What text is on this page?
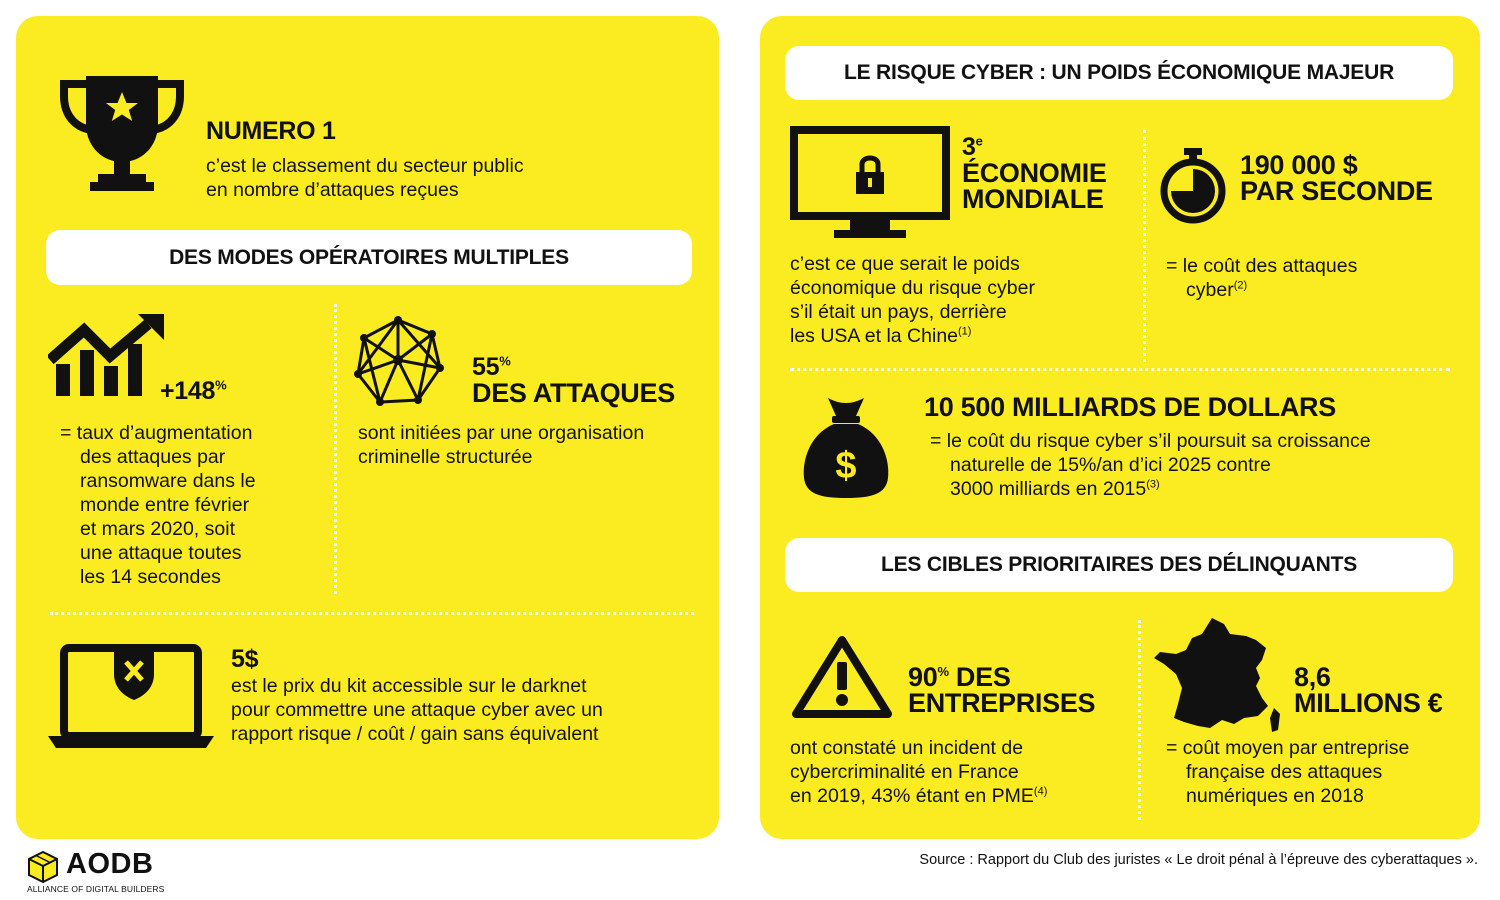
NUMERO 1
c’est le classement du secteur public
en nombre d’attaques reçues
DES MODES OPÉRATOIRES MULTIPLES
+148%
= taux d’augmentation
des attaques par
ransomware dans le
monde entre février
et mars 2020, soit
une attaque toutes
les 14 secondes
55%
DES ATTAQUES
sont initiées par une organisation
criminelle structurée
5$
est le prix du kit accessible sur le darknet
pour commettre une attaque cyber avec un
rapport risque / coût / gain sans équivalent
LE RISQUE CYBER : UN POIDS ÉCONOMIQUE MAJEUR
3e
ÉCONOMIE
MONDIALE
c’est ce que serait le poids
économique du risque cyber
s’il était un pays, derrière
les USA et la Chine$^{(1)}$
190 000 $
PAR SECONDE
= le coût des attaques
cyber$^{(2)}$
$
10 500 MILLIARDS DE DOLLARS
= le coût du risque cyber s’il poursuit sa croissance
naturelle de 15%/an d’ici 2025 contre
3000 milliards en 2015$^{(3)}$
LES CIBLES PRIORITAIRES DES DÉLINQUANTS
90% DES
ENTREPRISES
ont constaté un incident de
cybercriminalité en France
en 2019, 43% étant en PME$^{(4)}$
8,6
MILLIONS €
= coût moyen par entreprise
française des attaques
numériques en 2018
AODB
ALLIANCE OF DIGITAL BUILDERS
Source : Rapport du Club des juristes « Le droit pénal à l’épreuve des cyberattaques ».
